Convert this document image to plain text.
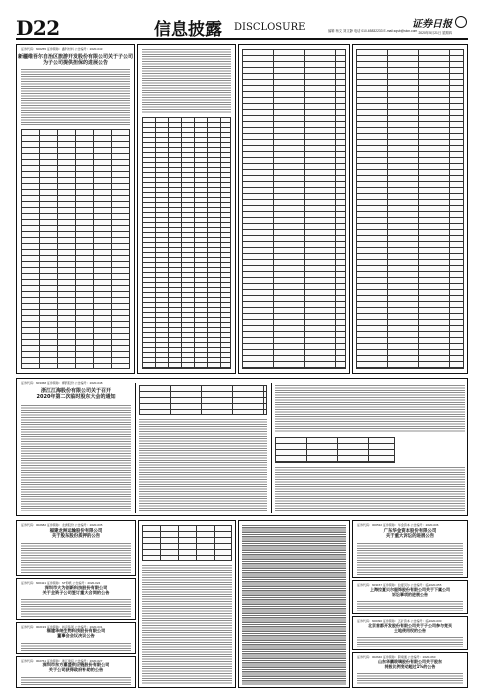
D22	信息披露 DISCLOSURE	编辑 杨文 刘文静 电话 010-65832233 E-mail:zqsb@stcn.com
证券日报
2020年5月21日 星期四
证券代码：600255 证券简称：鑫科材料 公告编号：2020-043
新疆维吾尔自治区旅游开发股份有限公司关于子公司
为子公司提供担保的进展公告
证券代码：603368 证券简称：柳药股份 公告编号：2020-048
浙江江海股份有限公司关于召开
2020年第二次临时股东大会的通知
证券代码：002682 证券简称：龙洲股份 公告编号：2020-035
福建龙洲运输股份有限公司
关于股东股份质押的公告
证券代码：600421 证券简称：ST仰帆 公告编号：2020-024
深圳市大为创新科技股份有限公司
关于全资子公司签订重大合同的公告
证券代码：002193 证券简称：如意集团 公告编号：2020-031
福建华纳生物科技股份有限公司
董事会会议决议公告
证券代码：002761 证券简称：浙江建投 公告编号：2020-027
深圳市东方嘉盛供应链股份有限公司
关于公司获得政府补助的公告
证券代码：000532 证券简称：华金资本 公告编号：2020-036
广东华金资本股份有限公司
关于重大诉讼的进展公告
证券代码：603157 证券简称：拉夏贝尔 公告编号：临2020-055
上海拉夏贝尔服饰股份有限公司关于下属公司
诉讼事项的进展公告
证券代码：600390 证券简称：五矿资本 公告编号：临2020-030
北京首都开发股份有限公司关于子公司参与竞买
土地使用权的公告
证券代码：002640 证券简称：跨境通 公告编号：2020-060
山东华鹏玻璃股份有限公司关于股东
持股比例变动超过1%的公告
